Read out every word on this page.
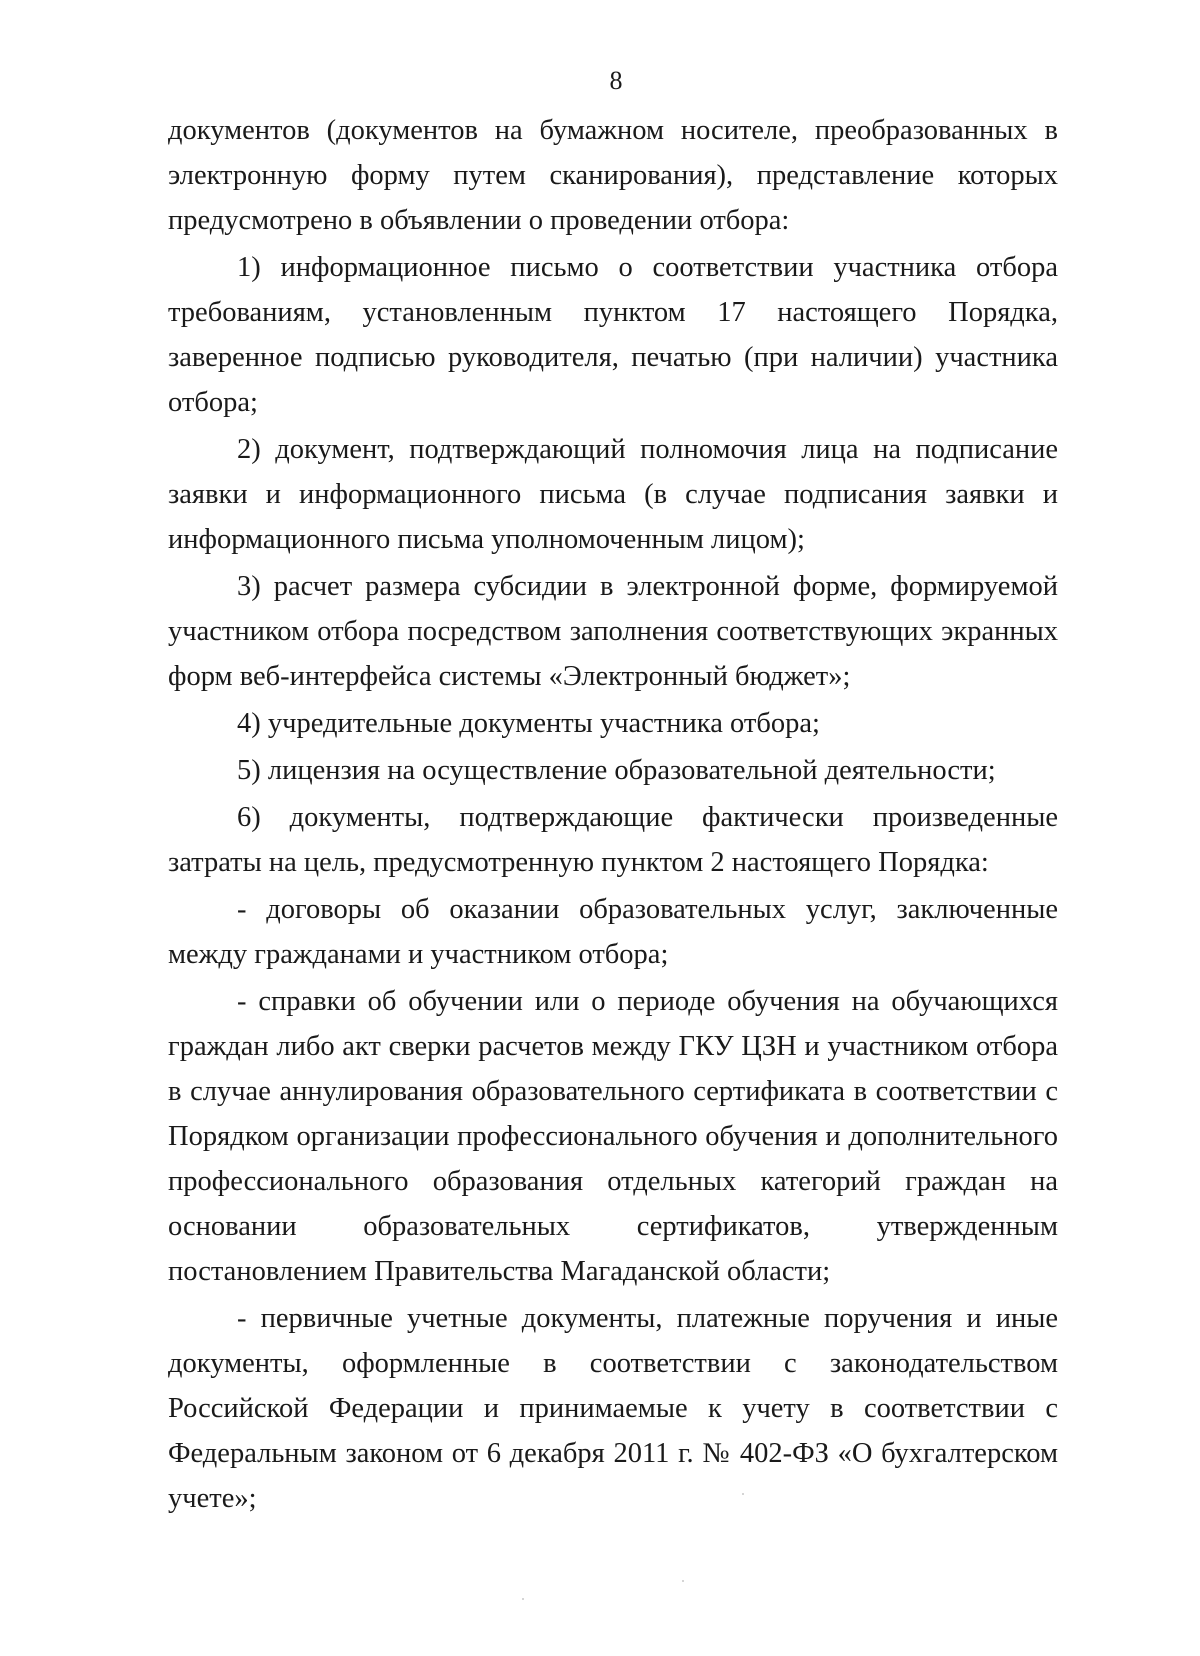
8

документов (документов на бумажном носителе, преобразованных в электронную форму путем сканирования), представление которых предусмотрено в объявлении о проведении отбора:

1) информационное письмо о соответствии участника отбора требованиям, установленным пунктом 17 настоящего Порядка, заверенное подписью руководителя, печатью (при наличии) участника отбора;

2) документ, подтверждающий полномочия лица на подписание заявки и информационного письма (в случае подписания заявки и информационного письма уполномоченным лицом);

3) расчет размера субсидии в электронной форме, формируемой участником отбора посредством заполнения соответствующих экранных форм веб-интерфейса системы «Электронный бюджет»;

4) учредительные документы участника отбора;

5) лицензия на осуществление образовательной деятельности;

6) документы, подтверждающие фактически произведенные затраты на цель, предусмотренную пунктом 2 настоящего Порядка:

- договоры об оказании образовательных услуг, заключенные между гражданами и участником отбора;

- справки об обучении или о периоде обучения на обучающихся граждан либо акт сверки расчетов между ГКУ ЦЗН и участником отбора в случае аннулирования образовательного сертификата в соответствии с Порядком организации профессионального обучения и дополнительного профессионального образования отдельных категорий граждан на основании образовательных сертификатов, утвержденным постановлением Правительства Магаданской области;

- первичные учетные документы, платежные поручения и иные документы, оформленные в соответствии с законодательством Российской Федерации и принимаемые к учету в соответствии с Федеральным законом от 6 декабря 2011 г. № 402-ФЗ «О бухгалтерском учете»;
